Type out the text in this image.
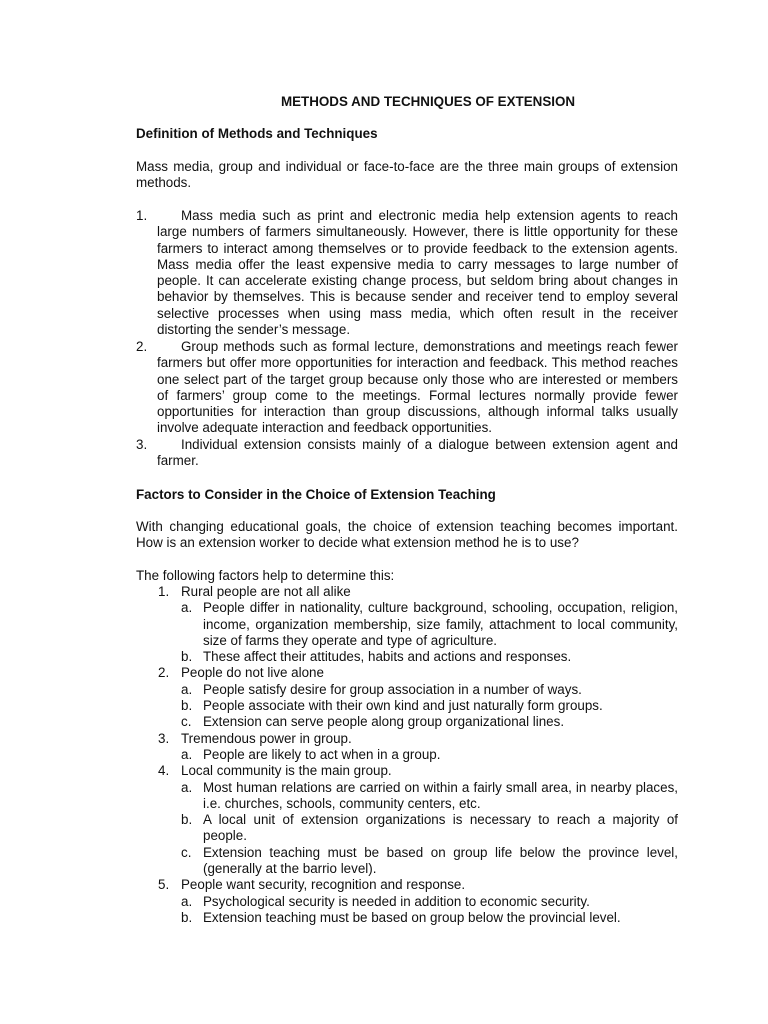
METHODS AND TECHNIQUES OF EXTENSION
Definition of Methods and Techniques
Mass media, group and individual or face-to-face are the three main groups of extension methods.
1.	Mass media such as print and electronic media help extension agents to reach large numbers of farmers simultaneously. However, there is little opportunity for these farmers to interact among themselves or to provide feedback to the extension agents. Mass media offer the least expensive media to carry messages to large number of people. It can accelerate existing change process, but seldom bring about changes in behavior by themselves. This is because sender and receiver tend to employ several selective processes when using mass media, which often result in the receiver distorting the sender’s message.
2.	Group methods such as formal lecture, demonstrations and meetings reach fewer farmers but offer more opportunities for interaction and feedback. This method reaches one select part of the target group because only those who are interested or members of farmers’ group come to the meetings. Formal lectures normally provide fewer opportunities for interaction than group discussions, although informal talks usually involve adequate interaction and feedback opportunities.
3.	Individual extension consists mainly of a dialogue between extension agent and farmer.
Factors to Consider in the Choice of Extension Teaching
With changing educational goals, the choice of extension teaching becomes important. How is an extension worker to decide what extension method he is to use?
The following factors help to determine this:
1. Rural people are not all alike
a. People differ in nationality, culture background, schooling, occupation, religion, income, organization membership, size family, attachment to local community, size of farms they operate and type of agriculture.
b. These affect their attitudes, habits and actions and responses.
2. People do not live alone
a. People satisfy desire for group association in a number of ways.
b. People associate with their own kind and just naturally form groups.
c. Extension can serve people along group organizational lines.
3. Tremendous power in group.
a. People are likely to act when in a group.
4. Local community is the main group.
a. Most human relations are carried on within a fairly small area, in nearby places, i.e. churches, schools, community centers, etc.
b. A local unit of extension organizations is necessary to reach a majority of people.
c. Extension teaching must be based on group life below the province level, (generally at the barrio level).
5. People want security, recognition and response.
a. Psychological security is needed in addition to economic security.
b. Extension teaching must be based on group below the provincial level.
